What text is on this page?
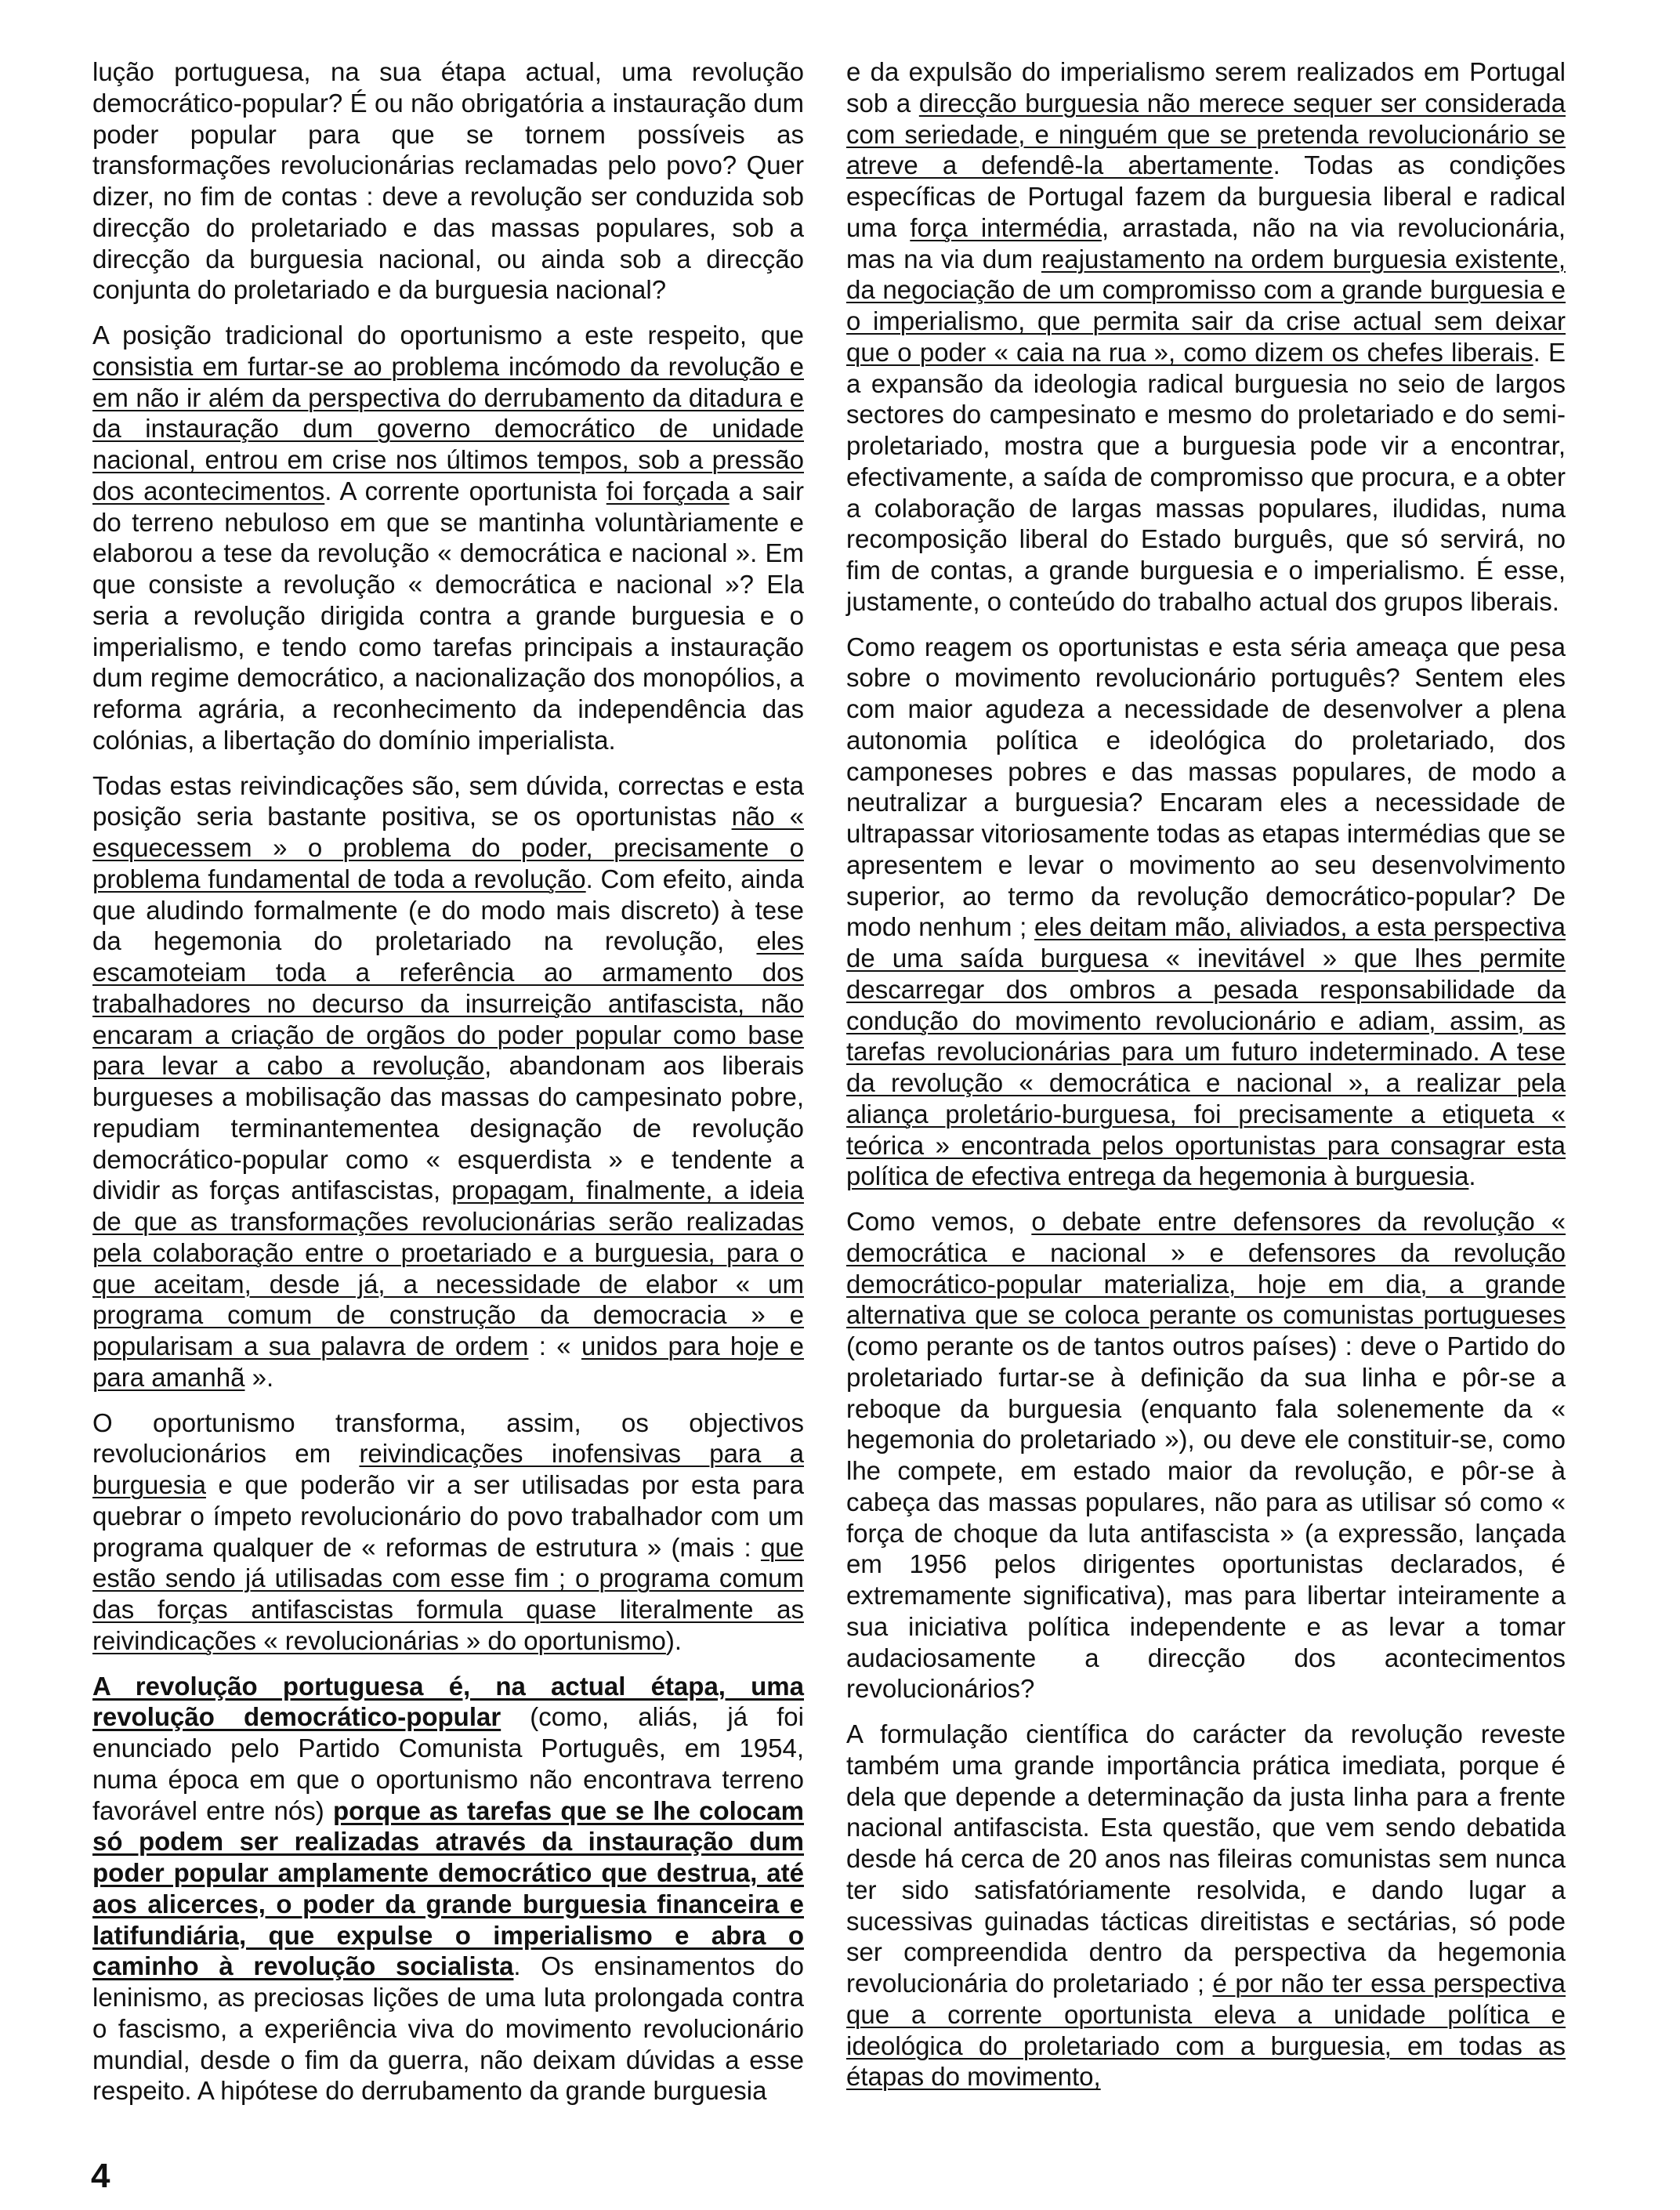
lução portuguesa, na sua étapa actual, uma revolução democrático-popular? É ou não obrigatória a instauração dum poder popular para que se tornem possíveis as transformações revolucionárias reclamadas pelo povo? Quer dizer, no fim de contas : deve a revolução ser conduzida sob direcção do proletariado e das massas populares, sob a direcção da burguesia nacional, ou ainda sob a direcção conjunta do proletariado e da burguesia nacional?

A posição tradicional do oportunismo a este respeito, que consistia em furtar-se ao problema incómodo da revolução e em não ir além da perspectiva do derrubamento da ditadura e da instauração dum governo democrático de unidade nacional, entrou em crise nos últimos tempos, sob a pressão dos acontecimentos. A corrente oportunista foi forçada a sair do terreno nebuloso em que se mantinha voluntàriamente e elaborou a tese da revolução « democrática e nacional ». Em que consiste a revolução « democrática e nacional »? Ela seria a revolução dirigida contra a grande burguesia e o imperialismo, e tendo como tarefas principais a instauração dum regime democrático, a nacionalização dos monopólios, a reforma agrária, a reconhecimento da independência das colónias, a libertação do domínio imperialista.

Todas estas reivindicações são, sem dúvida, correctas e esta posição seria bastante positiva, se os oportunistas não « esquecessem » o problema do poder, precisamente o problema fundamental de toda a revolução. Com efeito, ainda que aludindo formalmente (e do modo mais discreto) à tese da hegemonia do proletariado na revolução, eles escamoteiam toda a referência ao armamento dos trabalhadores no decurso da insurreição antifascista, não encaram a criação de orgãos do poder popular como base para levar a cabo a revolução, abandonam aos liberais burgueses a mobilisação das massas do campesinato pobre, repudiam terminantementea designação de revolução democrático-popular como « esquerdista » e tendente a dividir as forças antifascistas, propagam, finalmente, a ideia de que as transformações revolucionárias serão realizadas pela colaboração entre o proetariado e a burguesia, para o que aceitam, desde já, a necessidade de elabor « um programa comum de construção da democracia » e popularisam a sua palavra de ordem : « unidos para hoje e para amanhã ».

O oportunismo transforma, assim, os objectivos revolucionários em reivindicações inofensivas para a burguesia e que poderão vir a ser utilisadas por esta para quebrar o ímpeto revolucionário do povo trabalhador com um programa qualquer de « reformas de estrutura » (mais : que estão sendo já utilisadas com esse fim ; o programa comum das forças antifascistas formula quase literalmente as reivindicações « revolucionárias » do oportunismo).

A revolução portuguesa é, na actual étapa, uma revolução democrático-popular (como, aliás, já foi enunciado pelo Partido Comunista Português, em 1954, numa época em que o oportunismo não encontrava terreno favorável entre nós) porque as tarefas que se lhe colocam só podem ser realizadas através da instauração dum poder popular amplamente democrático que destrua, até aos alicerces, o poder da grande burguesia financeira e latifundiária, que expulse o imperialismo e abra o caminho à revolução socialista. Os ensinamentos do leninismo, as preciosas lições de uma luta prolongada contra o fascismo, a experiência viva do movimento revolucionário mundial, desde o fim da guerra, não deixam dúvidas a esse respeito. A hipótese do derrubamento da grande burguesia

e da expulsão do imperialismo serem realizados em Portugal sob a direcção burguesia não merece sequer ser considerada com seriedade, e ninguém que se pretenda revolucionário se atreve a defendê-la abertamente. Todas as condições específicas de Portugal fazem da burguesia liberal e radical uma força intermédia, arrastada, não na via revolucionária, mas na via dum reajustamento na ordem burguesia existente, da negociação de um compromisso com a grande burguesia e o imperialismo, que permita sair da crise actual sem deixar que o poder « caia na rua », como dizem os chefes liberais. E a expansão da ideologia radical burguesia no seio de largos sectores do campesinato e mesmo do proletariado e do semi-proletariado, mostra que a burguesia pode vir a encontrar, efectivamente, a saída de compromisso que procura, e a obter a colaboração de largas massas populares, iludidas, numa recomposição liberal do Estado burguês, que só servirá, no fim de contas, a grande burguesia e o imperialismo. É esse, justamente, o conteúdo do trabalho actual dos grupos liberais.

Como reagem os oportunistas e esta séria ameaça que pesa sobre o movimento revolucionário português? Sentem eles com maior agudeza a necessidade de desenvolver a plena autonomia política e ideológica do proletariado, dos camponeses pobres e das massas populares, de modo a neutralizar a burguesia? Encaram eles a necessidade de ultrapassar vitoriosamente todas as etapas intermédias que se apresentem e levar o movimento ao seu desenvolvimento superior, ao termo da revolução democrático-popular? De modo nenhum ; eles deitam mão, aliviados, a esta perspectiva de uma saída burguesa « inevitável » que lhes permite descarregar dos ombros a pesada responsabilidade da condução do movimento revolucionário e adiam, assim, as tarefas revolucionárias para um futuro indeterminado. A tese da revolução « democrática e nacional », a realizar pela aliança proletário-burguesa, foi precisamente a etiqueta « teórica » encontrada pelos oportunistas para consagrar esta política de efectiva entrega da hegemonia à burguesia.

Como vemos, o debate entre defensores da revolução « democrática e nacional » e defensores da revolução democrático-popular materializa, hoje em dia, a grande alternativa que se coloca perante os comunistas portugueses (como perante os de tantos outros países) : deve o Partido do proletariado furtar-se à definição da sua linha e pôr-se a reboque da burguesia (enquanto fala solenemente da « hegemonia do proletariado »), ou deve ele constituir-se, como lhe compete, em estado maior da revolução, e pôr-se à cabeça das massas populares, não para as utilisar só como « força de choque da luta antifascista » (a expressão, lançada em 1956 pelos dirigentes oportunistas declarados, é extremamente significativa), mas para libertar inteiramente a sua iniciativa política independente e as levar a tomar audaciosamente a direcção dos acontecimentos revolucionários?

A formulação científica do carácter da revolução reveste também uma grande importância prática imediata, porque é dela que depende a determinação da justa linha para a frente nacional antifascista. Esta questão, que vem sendo debatida desde há cerca de 20 anos nas fileiras comunistas sem nunca ter sido satisfatóriamente resolvida, e dando lugar a sucessivas guinadas tácticas direitistas e sectárias, só pode ser compreendida dentro da perspectiva da hegemonia revolucionária do proletariado ; é por não ter essa perspectiva que a corrente oportunista eleva a unidade política e ideológica do proletariado com a burguesia, em todas as étapas do movimento,

4
